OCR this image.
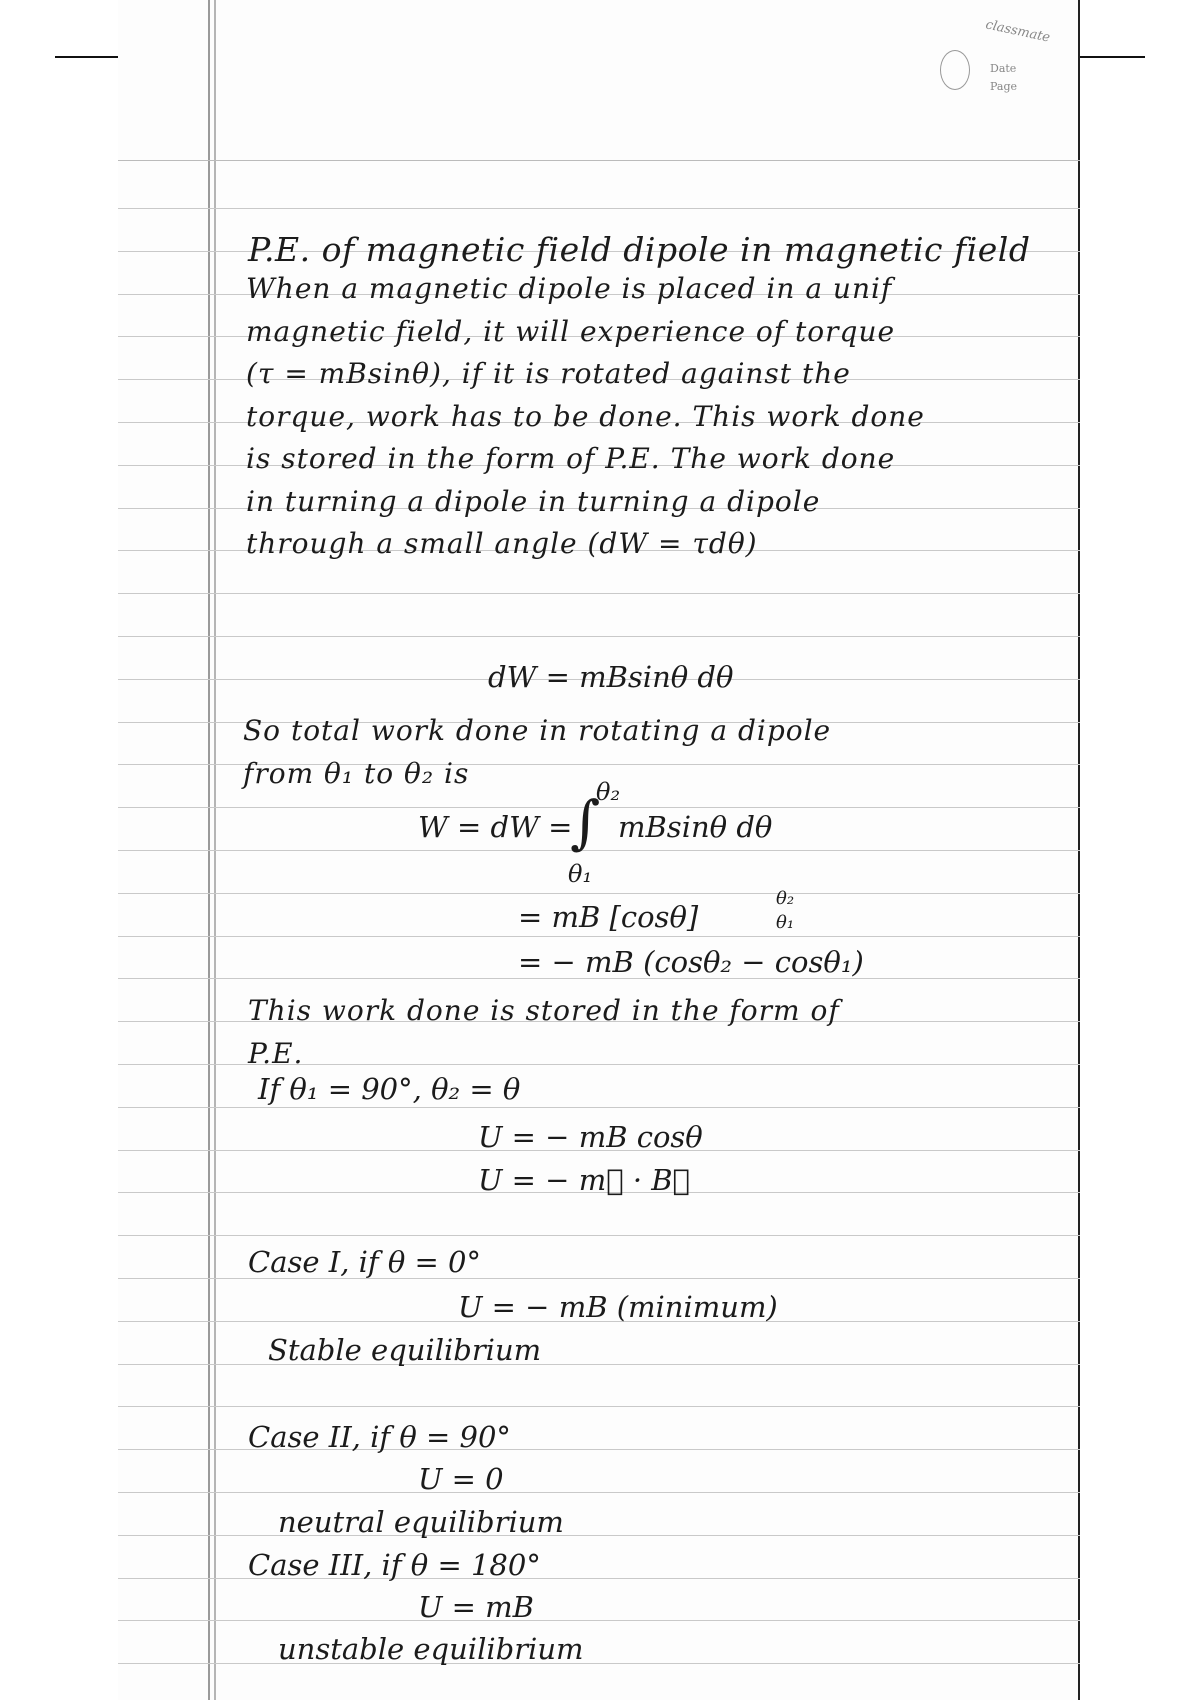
classmate
Date
Page
P.E. of magnetic field dipole in magnetic field
When a magnetic dipole is placed in a unif
magnetic field, it will experience of torque
(τ = mBsinθ), if it is rotated against the
torque, work has to be done. This work done
is stored in the form of P.E. The work done
in turning a dipole in turning a dipole
through a small angle (dW = τdθ)
dW = mBsinθ dθ
So total work done in rotating a dipole
from θ₁ to θ₂ is
W = dW =
∫
θ₂
θ₁
mBsinθ dθ
= mB [cosθ]
θ₂
θ₁
= − mB (cosθ₂ − cosθ₁)
This work done is stored in the form of
P.E.
If θ₁ = 90°, θ₂ = θ
U = − mB cosθ
U = − m⃗ · B⃗
Case I, if θ = 0°
U = − mB (minimum)
Stable equilibrium
Case II, if θ = 90°
U = 0
neutral equilibrium
Case III, if θ = 180°
U = mB
unstable equilibrium
